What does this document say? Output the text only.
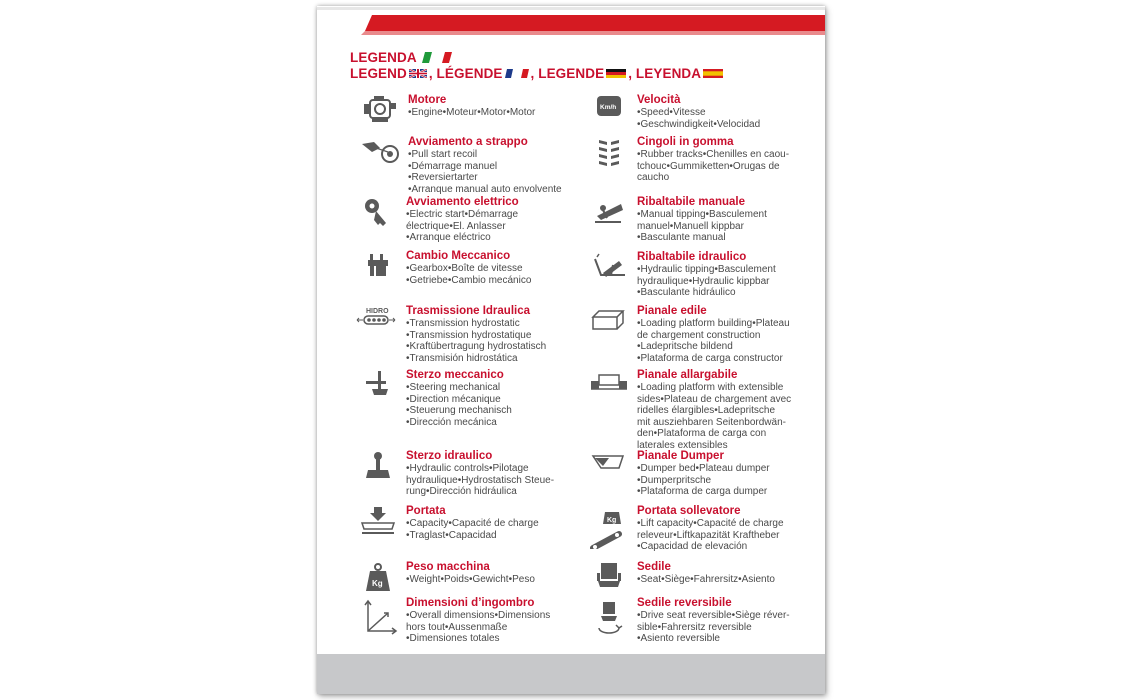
LEGENDA
LEGEND , LÉGENDE , LEGENDE , LEYENDA
Motore

•Engine•Moteur•Motor•Motor

Avviamento a strappo

•Pull start recoil
•Démarrage manuel
•Reversiertarter
•Arranque manual auto envolvente

Avviamento elettrico

•Electric start•Démarrage
électrique•El. Anlasser
•Arranque eléctrico

Cambio Meccanico

•Gearbox•Boîte de vitesse
•Getriebe•Cambio mecánico

HIDRO Trasmissione Idraulica

•Transmission hydrostatic
•Transmission hydrostatique
•Kraftübertragung hydrostatisch
•Transmisión hidrostática

Sterzo meccanico

•Steering mechanical
•Direction mécanique
•Steuerung mechanisch
•Dirección mecánica

Sterzo idraulico

•Hydraulic controls•Pilotage
hydraulique•Hydrostatisch Steue-
rung•Dirección hidráulica

Portata

•Capacity•Capacité de charge
•Traglast•Capacidad

Kg
Peso macchina

•Weight•Poids•Gewicht•Peso

Dimensioni d’ingombro

•Overall dimensions•Dimensions
hors tout•Aussenmaße
•Dimensiones totales

Km/h
Velocità

•Speed•Vitesse
•Geschwindigkeit•Velocidad

Cingoli in gomma

•Rubber tracks•Chenilles en caou-
tchouc•Gummiketten•Orugas de
caucho

Ribaltabile manuale

•Manual tipping•Basculement
manuel•Manuell kippbar
•Basculante manual

Ribaltabile idraulico

•Hydraulic tipping•Basculement
hydraulique•Hydraulic kippbar
•Basculante hidráulico

Pianale edile

•Loading platform building•Plateau
de chargement construction
•Ladepritsche bildend
•Plataforma de carga constructor

Pianale allargabile

•Loading platform with extensible
sides•Plateau de chargement avec
ridelles élargibles•Ladepritsche
mit ausziehbaren Seitenbordwän-
den•Plataforma de carga con
laterales extensibles

Pianale Dumper

•Dumper bed•Plateau dumper
•Dumperpritsche
•Plataforma de carga dumper

Kg
Portata sollevatore

•Lift capacity•Capacité de charge
releveur•Liftkapazität Kraftheber
•Capacidad de elevación

Sedile

•Seat•Siège•Fahrersitz•Asiento

Sedile reversibile

•Drive seat reversible•Siège réver-
sible•Fahrersitz reversible
•Asiento reversible
